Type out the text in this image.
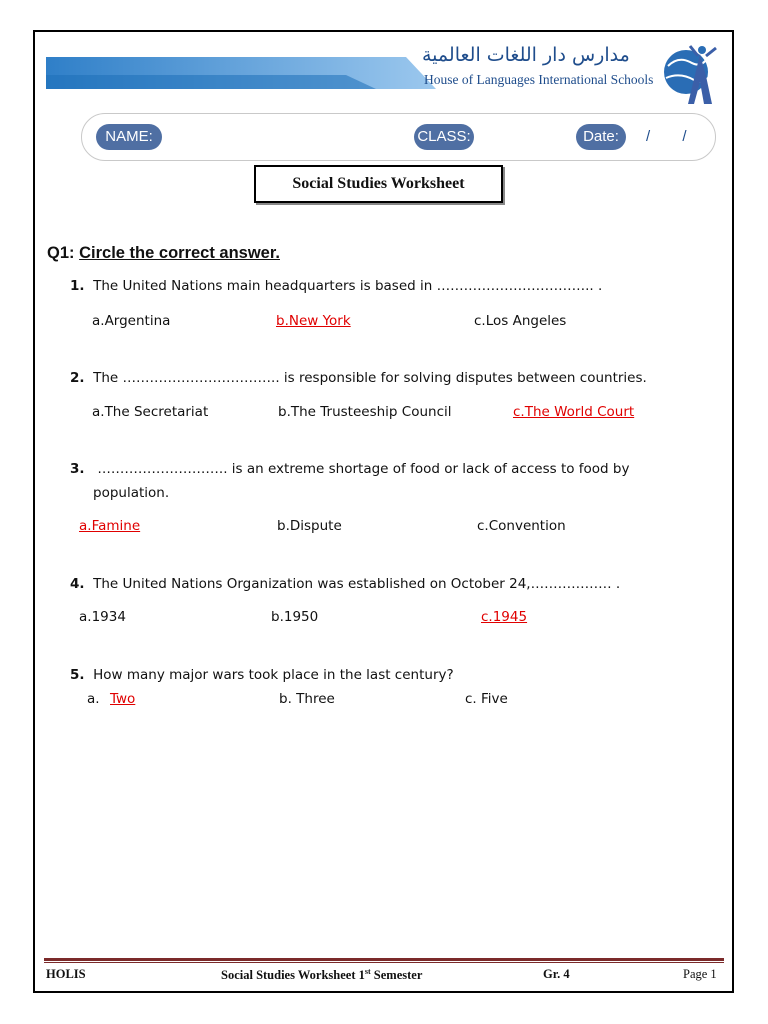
مدارس دار اللغات العالمية
House of Languages International Schools
NAME:	CLASS:	Date:	/ /
Social Studies Worksheet
Q1: Circle the correct answer.
1. The United Nations main headquarters is based in …………………………….. .
a.Argentina	b.New York	c.Los Angeles
2. The …………………………….. is responsible for solving disputes between countries.
a.The Secretariat	b.The Trusteeship Council	c.The World Court
3. ……………………….. is an extreme shortage of food or lack of access to food by
population.
a.Famine	b.Dispute	c.Convention
4. The United Nations Organization was established on October 24,……………… .
a.1934	b.1950	c.1945
5. How many major wars took place in the last century?
a. Two	b. Three	c. Five
HOLIS	Social Studies Worksheet 1st Semester	Gr. 4	Page 1
